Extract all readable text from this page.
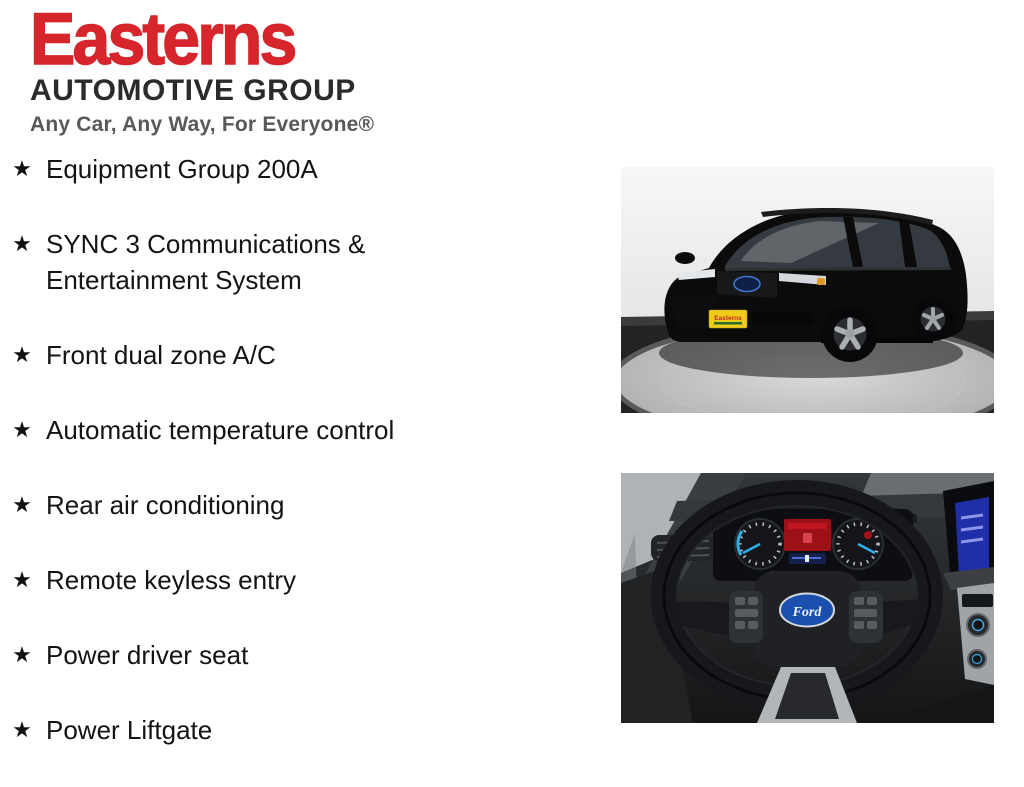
Easterns
AUTOMOTIVE GROUP
Any Car, Any Way, For Everyone®
★ Equipment Group 200A
★ SYNC 3 Communications & Entertainment System
★ Front dual zone A/C
★ Automatic temperature control
★ Rear air conditioning
★ Remote keyless entry
★ Power driver seat
★ Power Liftgate
Easterns
Ford
